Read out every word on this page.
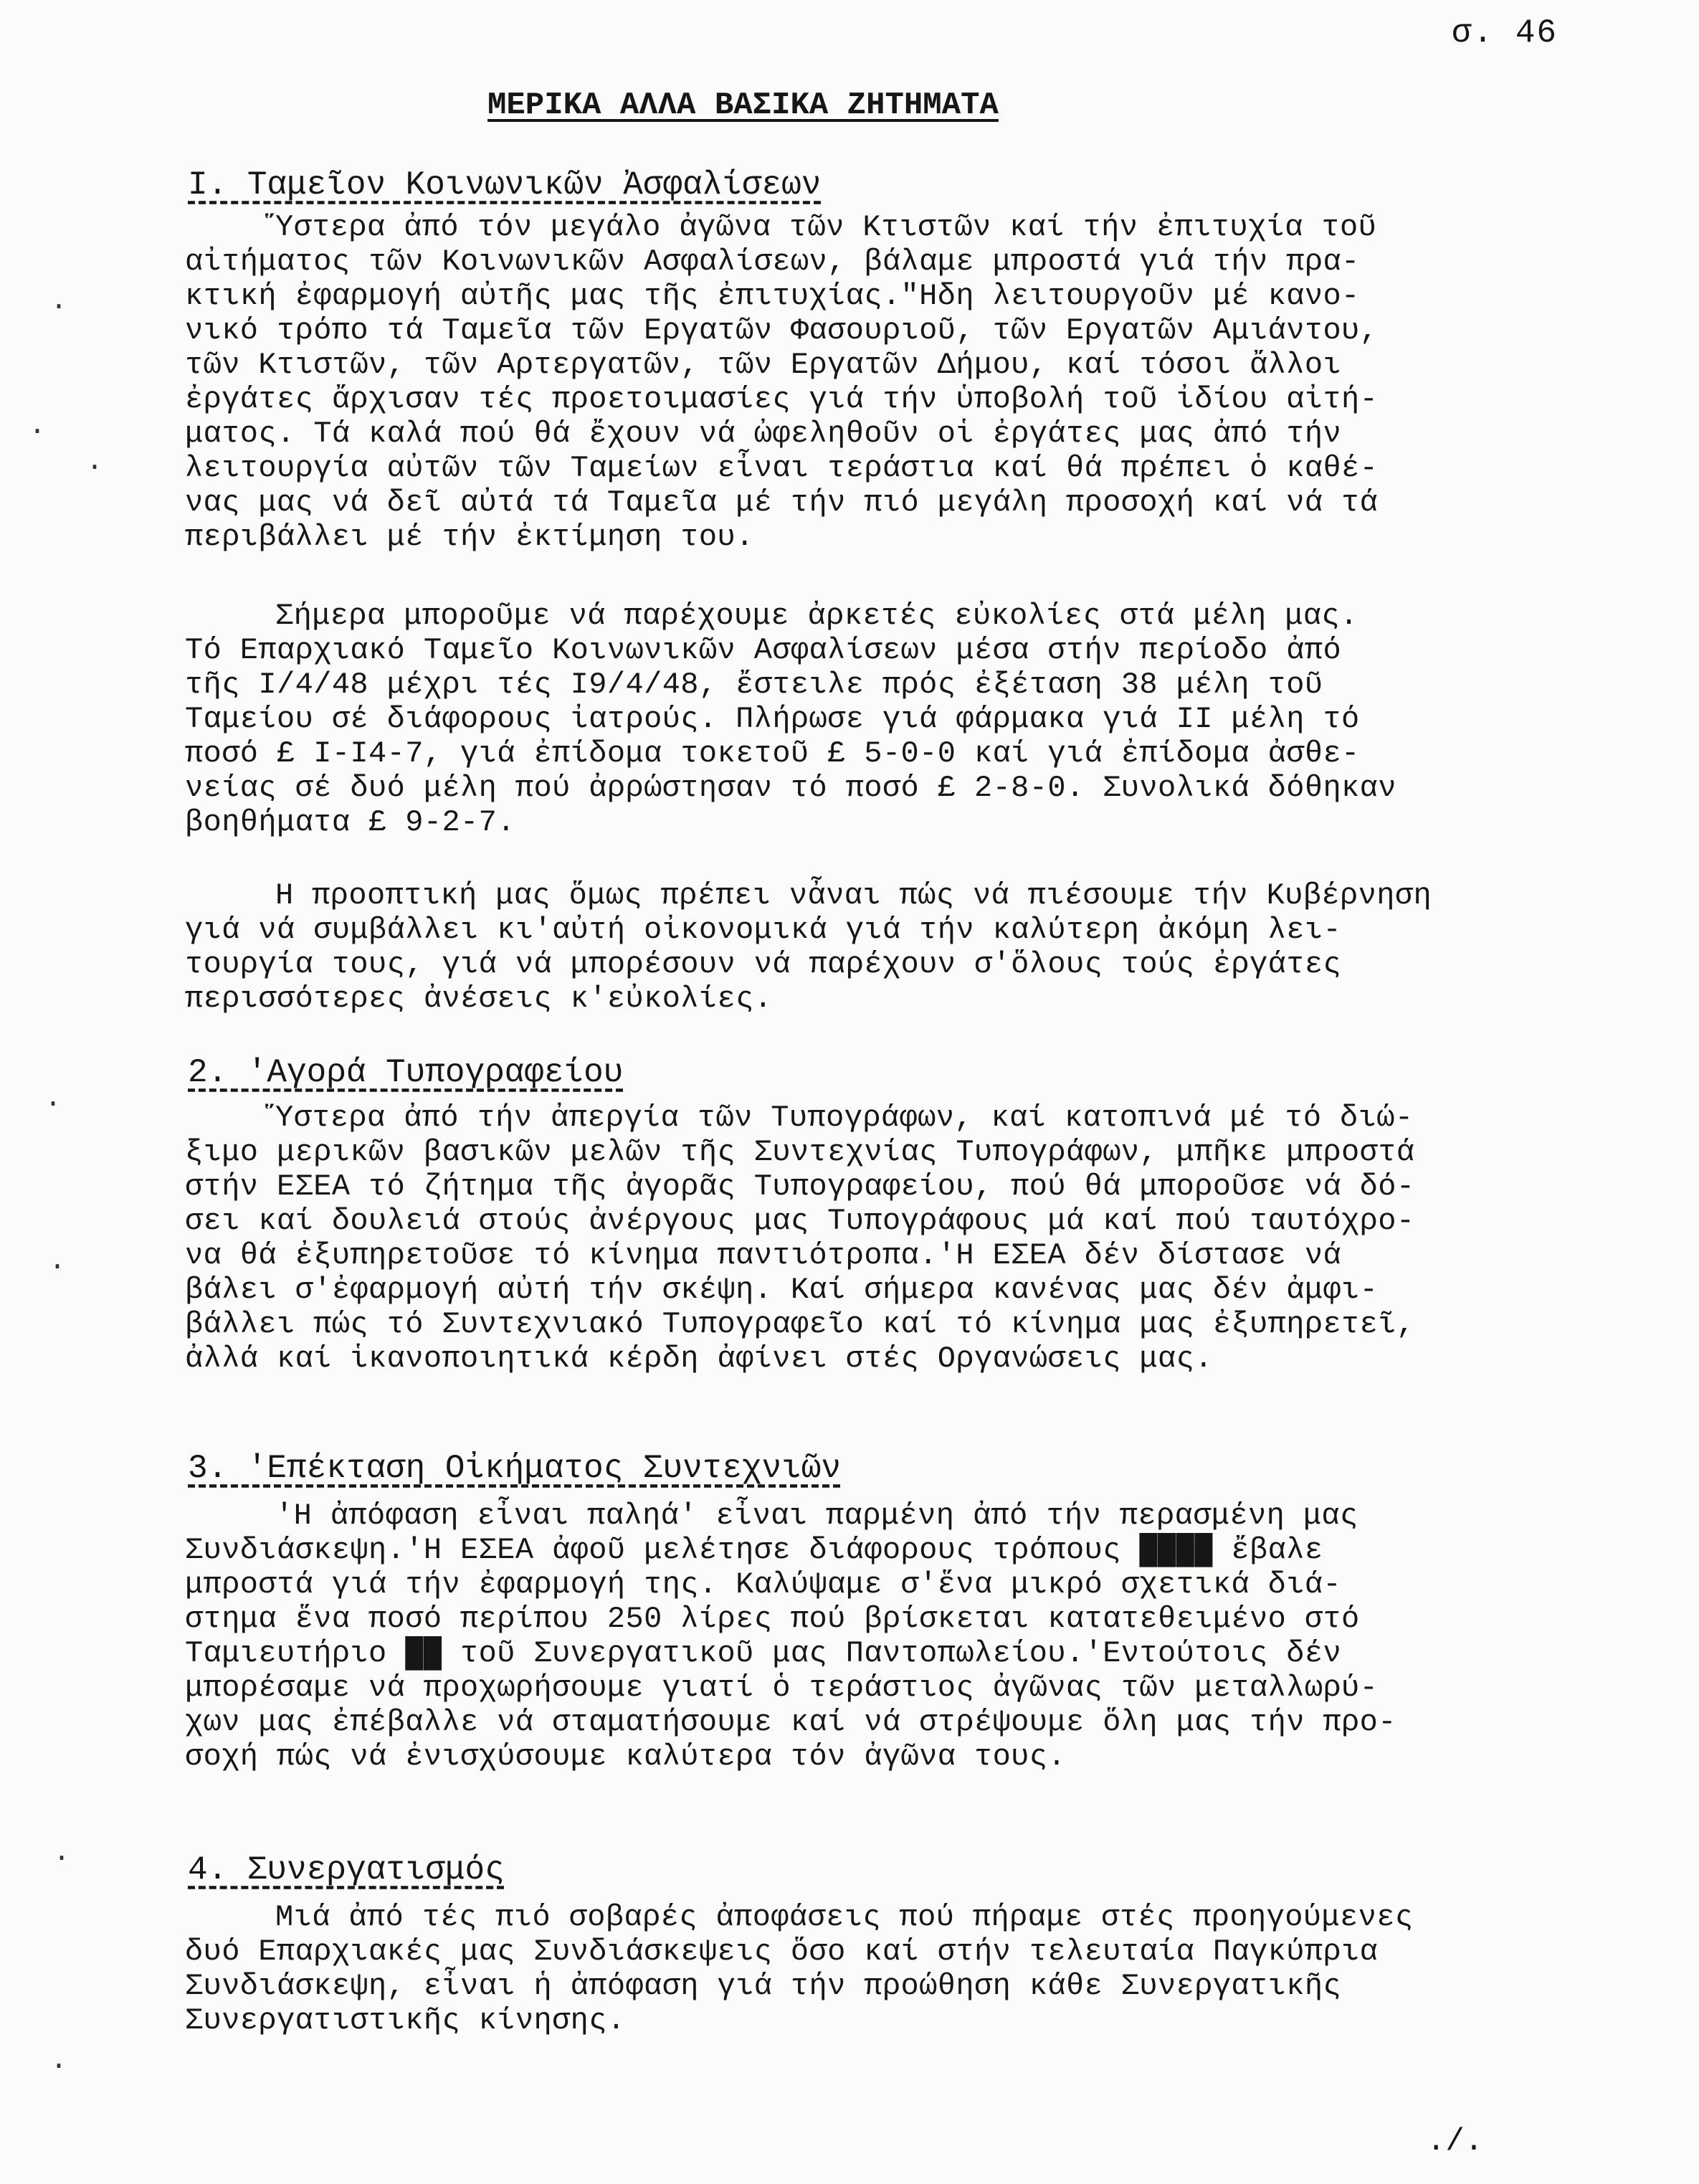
σ. 46
ΜΕΡΙΚΑ ΑΛΛΑ ΒΑΣΙΚΑ ΖΗΤΗΜΑΤΑ
I. Ταμεῖον Κοινωνικῶν Ἀσφαλίσεων
Ὕστερα ἀπό τόν μεγάλο ἀγῶνα τῶν Κτιστῶν καί τήν ἐπιτυχία τοῦ
αἰτήματος τῶν Κοινωνικῶν Ασφαλίσεων, βάλαμε μπροστά γιά τήν πρα-
κτική ἐφαρμογή αὐτῆς μας τῆς ἐπιτυχίας."Ηδη λειτουργοῦν μέ κανο-
νικό τρόπο τά Ταμεῖα τῶν Εργατῶν Φασουριοῦ, τῶν Εργατῶν Αμιάντου,
τῶν Κτιστῶν, τῶν Αρτεργατῶν, τῶν Εργατῶν Δήμου, καί τόσοι ἄλλοι
ἐργάτες ἄρχισαν τές προετοιμασίες γιά τήν ὑποβολή τοῦ ἰδίου αἰτή-
ματος. Τά καλά πού θά ἔχουν νά ὠφεληθοῦν οἱ ἐργάτες μας ἀπό τήν
λειτουργία αὐτῶν τῶν Ταμείων εἶναι τεράστια καί θά πρέπει ὁ καθέ-
νας μας νά δεῖ αὐτά τά Ταμεῖα μέ τήν πιό μεγάλη προσοχή καί νά τά
περιβάλλει μέ τήν ἐκτίμηση του.
Σήμερα μποροῦμε νά παρέχουμε ἀρκετές εὐκολίες στά μέλη μας.
Τό Επαρχιακό Ταμεῖο Κοινωνικῶν Ασφαλίσεων μέσα στήν περίοδο ἀπό
τῆς I/4/48 μέχρι τές I9/4/48, ἔστειλε πρός ἐξέταση 38 μέλη τοῦ
Ταμείου σέ διάφορους ἰατρούς. Πλήρωσε γιά φάρμακα γιά II μέλη τό
ποσό £ I-I4-7, γιά ἐπίδομα τοκετοῦ £ 5-0-0 καί γιά ἐπίδομα ἀσθε-
νείας σέ δυό μέλη πού ἀρρώστησαν τό ποσό £ 2-8-0. Συνολικά δόθηκαν
βοηθήματα £ 9-2-7.
Η προοπτική μας ὅμως πρέπει νἆναι πώς νά πιέσουμε τήν Κυβέρνηση
γιά νά συμβάλλει κι'αὐτή οἰκονομικά γιά τήν καλύτερη ἀκόμη λει-
τουργία τους, γιά νά μπορέσουν νά παρέχουν σ'ὅλους τούς ἐργάτες
περισσότερες ἀνέσεις κ'εὐκολίες.
2. 'Αγορά Τυπογραφείου
Ὕστερα ἀπό τήν ἀπεργία τῶν Τυπογράφων, καί κατοπινά μέ τό διώ-
ξιμο μερικῶν βασικῶν μελῶν τῆς Συντεχνίας Τυπογράφων, μπῆκε μπροστά
στήν ΕΣΕΑ τό ζήτημα τῆς ἀγορᾶς Τυπογραφείου, πού θά μποροῦσε νά δό-
σει καί δουλειά στούς ἀνέργους μας Τυπογράφους μά καί πού ταυτόχρο-
να θά ἐξυπηρετοῦσε τό κίνημα παντιότροπα.'Η ΕΣΕΑ δέν δίστασε νά
βάλει σ'ἐφαρμογή αὐτή τήν σκέψη. Καί σήμερα κανένας μας δέν ἀμφι-
βάλλει πώς τό Συντεχνιακό Τυπογραφεῖο καί τό κίνημα μας ἐξυπηρετεῖ,
ἀλλά καί ἱκανοποιητικά κέρδη ἀφίνει στές Οργανώσεις μας.
3. 'Επέκταση Οἰκήματος Συντεχνιῶν
'Η ἀπόφαση εἶναι παληά' εἶναι παρμένη ἀπό τήν περασμένη μας
Συνδιάσκεψη.'Η ΕΣΕΑ ἀφοῦ μελέτησε διάφορους τρόπους ████ ἔβαλε
μπροστά γιά τήν ἐφαρμογή της. Καλύψαμε σ'ἕνα μικρό σχετικά διά-
στημα ἕνα ποσό περίπου 250 λίρες πού βρίσκεται κατατεθειμένο στό
Ταμιευτήριο ██ τοῦ Συνεργατικοῦ μας Παντοπωλείου.'Εντούτοις δέν
μπορέσαμε νά προχωρήσουμε γιατί ὁ τεράστιος ἀγῶνας τῶν μεταλλωρύ-
χων μας ἐπέβαλλε νά σταματήσουμε καί νά στρέψουμε ὅλη μας τήν προ-
σοχή πώς νά ἐνισχύσουμε καλύτερα τόν ἀγῶνα τους.
4. Συνεργατισμός
Μιά ἀπό τές πιό σοβαρές ἀποφάσεις πού πήραμε στές προηγούμενες
δυό Επαρχιακές μας Συνδιάσκεψεις ὅσο καί στήν τελευταία Παγκύπρια
Συνδιάσκεψη, εἶναι ἡ ἀπόφαση γιά τήν προώθηση κάθε Συνεργατικῆς
Συνεργατιστικῆς κίνησης.
./.
·
·
·
·
·
·
·
